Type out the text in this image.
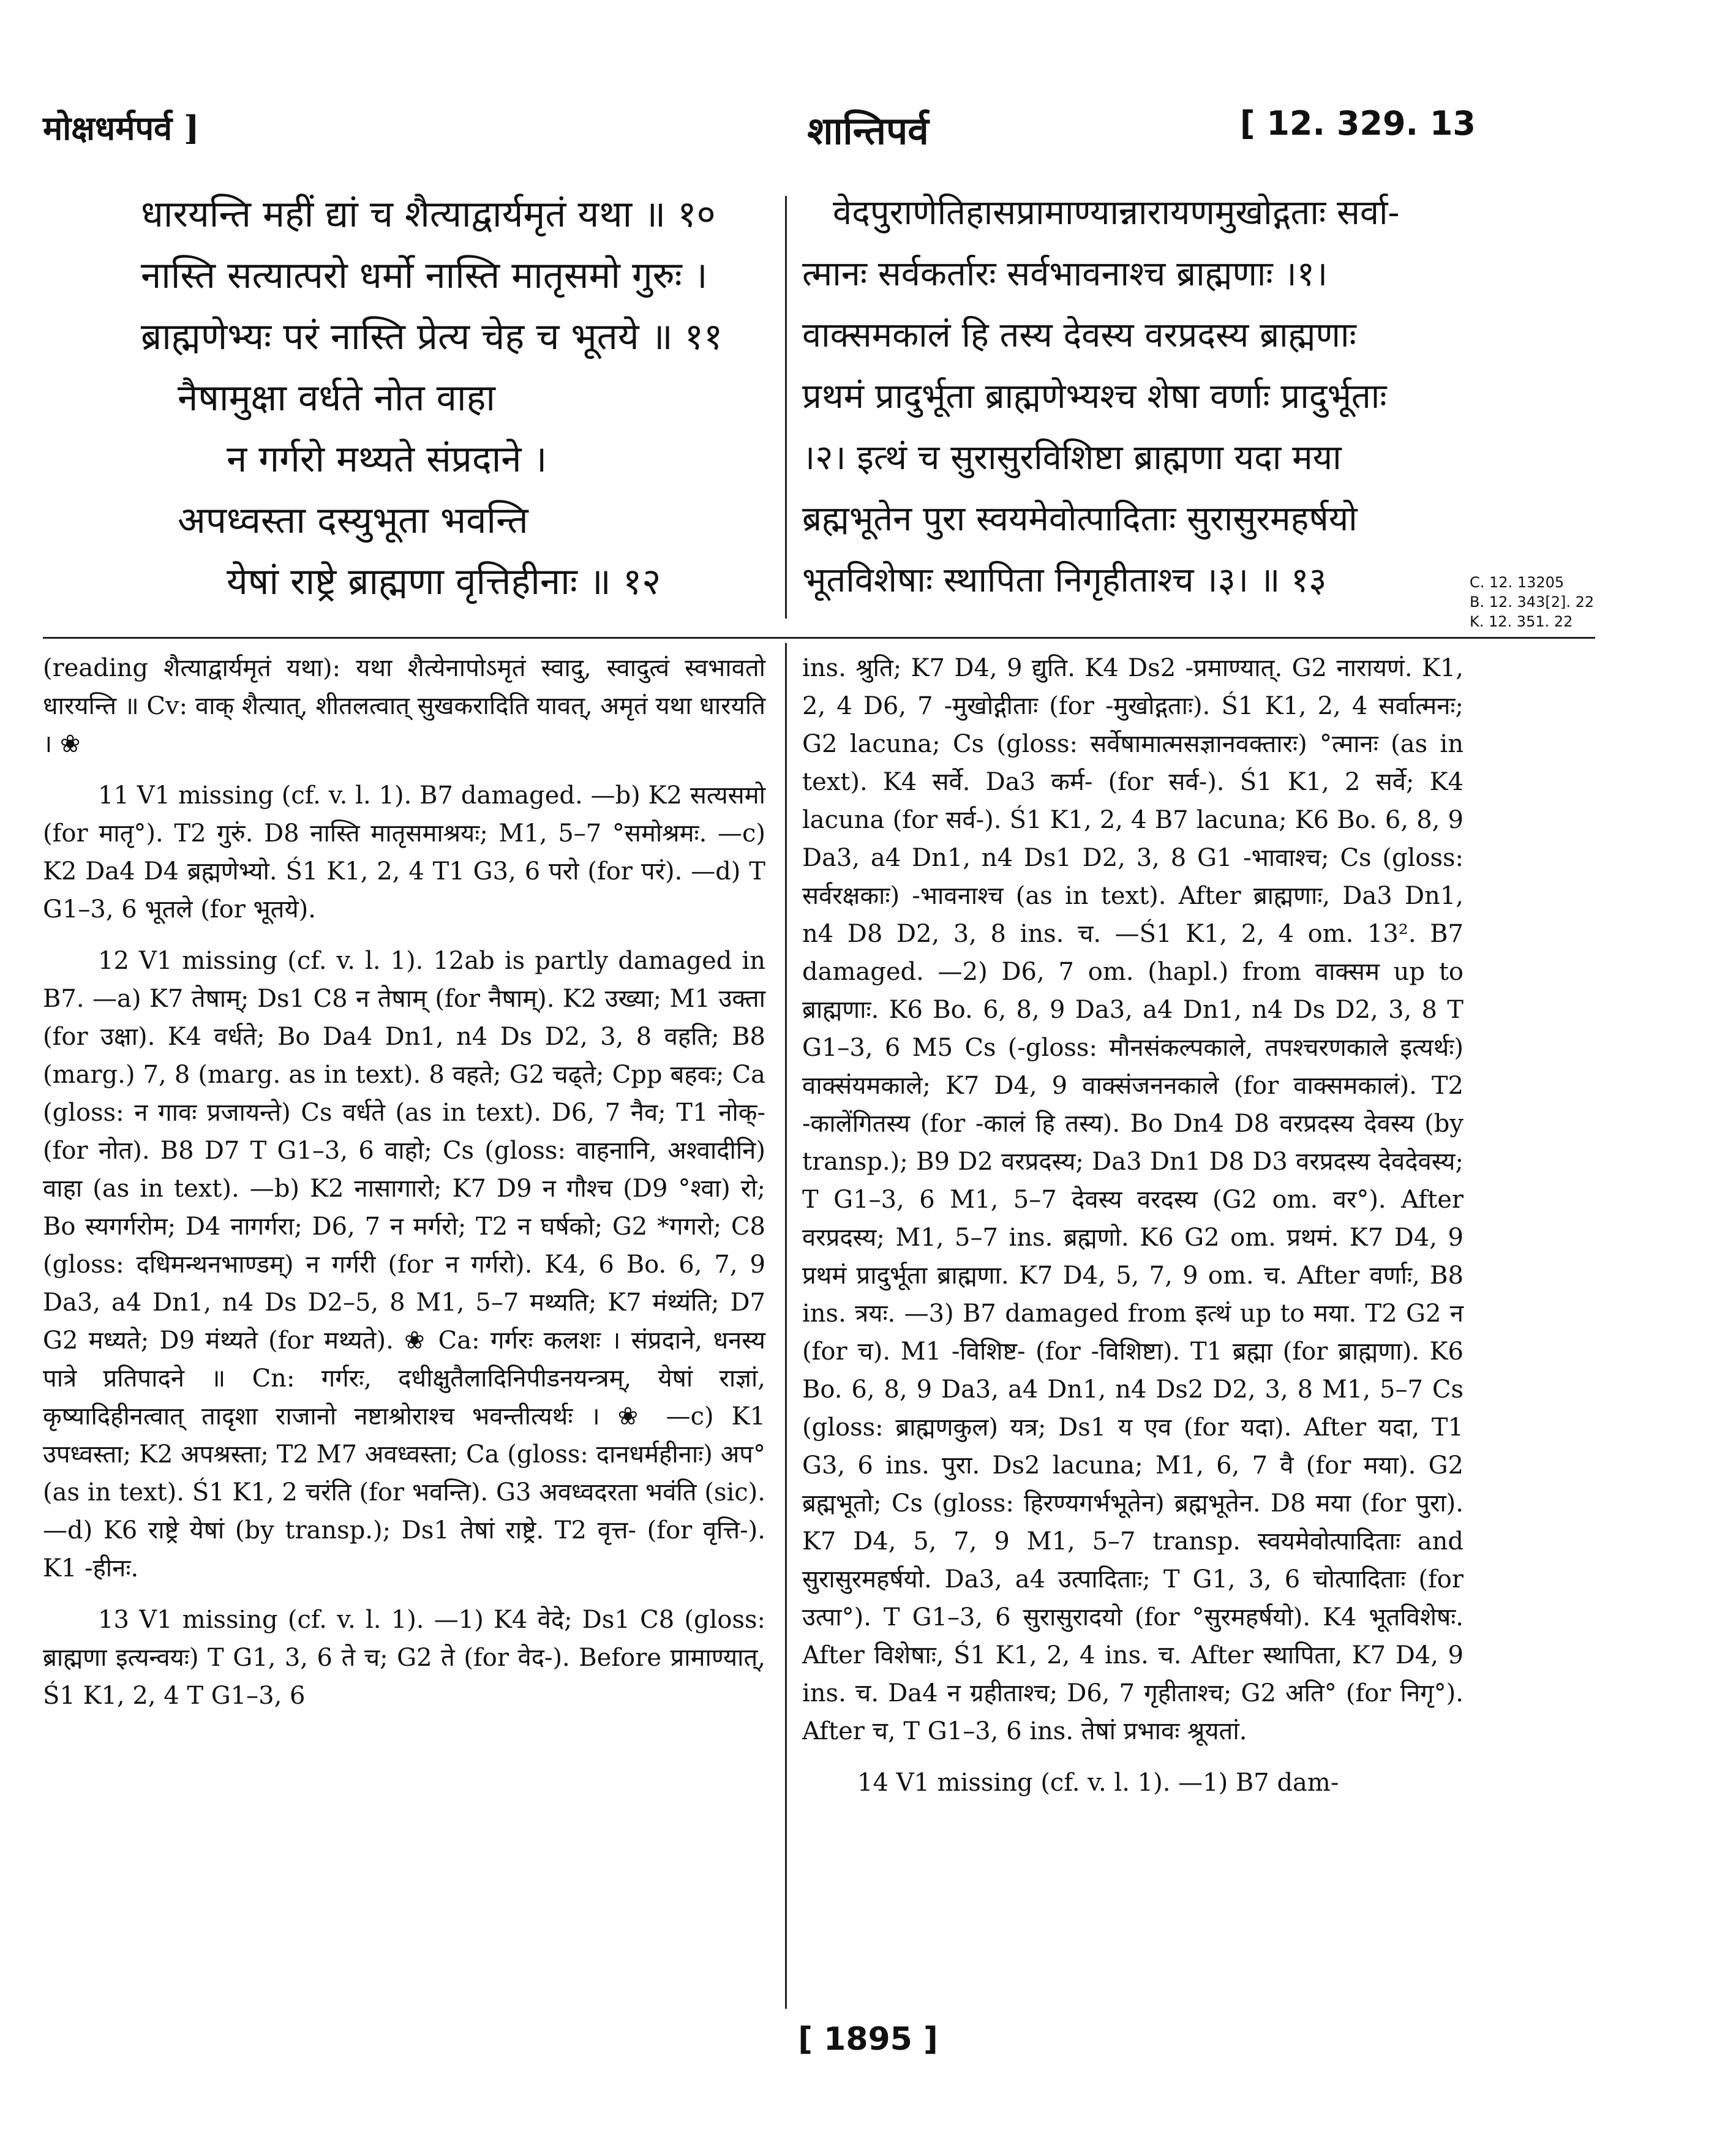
मोक्षधर्मपर्व ]	शान्तिपर्व	[ 12. 329. 13
धारयन्ति महीं द्यां च शैत्याद्वार्यमृतं यथा ॥ १०
नास्ति सत्यात्परो धर्मो नास्ति मातृसमो गुरुः ।
ब्राह्मणेभ्यः परं नास्ति प्रेत्य चेह च भूतये ॥ ११
नैषामुक्षा वर्धते नोत वाहा
न गर्गरो मथ्यते संप्रदाने ।
अपध्वस्ता दस्युभूता भवन्ति
येषां राष्ट्रे ब्राह्मणा वृत्तिहीनाः ॥ १२
वेदपुराणेतिहासप्रामाण्यान्नारायणमुखोद्गताः सर्वा-
त्मानः सर्वकर्तारः सर्वभावनाश्च ब्राह्मणाः ।१।
वाक्समकालं हि तस्य देवस्य वरप्रदस्य ब्राह्मणाः
प्रथमं प्रादुर्भूता ब्राह्मणेभ्यश्च शेषा वर्णाः प्रादुर्भूताः
।२। इत्थं च सुरासुरविशिष्टा ब्राह्मणा यदा मया
ब्रह्मभूतेन पुरा स्वयमेवोत्पादिताः सुरासुरमहर्षयो
भूतविशेषाः स्थापिता निगृहीताश्च ।३। ॥ १३	C. 12. 13205
B. 12. 343[2]. 22
K. 12. 351. 22

(reading शैत्याद्वार्यमृतं यथा): यथा शैत्येनापोऽमृतं स्वादु, स्वादुत्वं स्वभावतो धारयन्ति ॥ Cv: वाक् शैत्यात्, शीतलत्वात् सुखकरादिति यावत्, अमृतं यथा धारयति । ❀

11 V1 missing (cf. v. l. 1). B7 damaged. —b) K2 सत्यसमो (for मातृ°). T2 गुरुं. D8 नास्ति मातृसमाश्रयः; M1, 5–7 °समोश्रमः. —c) K2 Da4 D4 ब्रह्मणेभ्यो. Ś1 K1, 2, 4 T1 G3, 6 परो (for परं). —d) T G1–3, 6 भूतले (for भूतये).

12 V1 missing (cf. v. l. 1). 12ab is partly damaged in B7. —a) K7 तेषाम्; Ds1 C8 न तेषाम् (for नैषाम्). K2 उख्या; M1 उक्ता (for उक्षा). K4 वर्धते; Bo Da4 Dn1, n4 Ds D2, 3, 8 वहति; B8 (marg.) 7, 8 (marg. as in text). 8 वहते; G2 चढ्ते; Cpp बहवः; Ca (gloss: न गावः प्रजायन्ते) Cs वर्धते (as in text). D6, 7 नैव; T1 नोक्- (for नोत). B8 D7 T G1–3, 6 वाहो; Cs (gloss: वाहनानि, अश्वादीनि) वाहा (as in text). —b) K2 नासागारो; K7 D9 न गौश्च (D9 °श्वा) रो; Bo स्यगर्गरोम; D4 नागर्गरा; D6, 7 न मर्गरो; T2 न घर्षको; G2 *गगरो; C8 (gloss: दधिमन्थनभाण्डम्) न गर्गरी (for न गर्गरो). K4, 6 Bo. 6, 7, 9 Da3, a4 Dn1, n4 Ds D2–5, 8 M1, 5–7 मथ्यति; K7 मंथ्यंति; D7 G2 मध्यते; D9 मंथ्यते (for मथ्यते). ❀ Ca: गर्गरः कलशः । संप्रदाने, धनस्य पात्रे प्रतिपादने ॥ Cn: गर्गरः, दधीक्षुतैलादिनिपीडनयन्त्रम्, येषां राज्ञां, कृष्यादिहीनत्वात् तादृशा राजानो नष्टाश्रोराश्च भवन्तीत्यर्थः । ❀ —c) K1 उपध्वस्ता; K2 अपश्रस्ता; T2 M7 अवध्वस्ता; Ca (gloss: दानधर्महीनाः) अप° (as in text). Ś1 K1, 2 चरंति (for भवन्ति). G3 अवध्वदरता भवंति (sic). —d) K6 राष्ट्रे येषां (by transp.); Ds1 तेषां राष्ट्रे. T2 वृत्त- (for वृत्ति-). K1 -हीनः.

13 V1 missing (cf. v. l. 1). —1) K4 वेदे; Ds1 C8 (gloss: ब्राह्मणा इत्यन्वयः) T G1, 3, 6 ते च; G2 ते (for वेद-). Before प्रामाण्यात्, Ś1 K1, 2, 4 T G1–3, 6

ins. श्रुति; K7 D4, 9 द्युति. K4 Ds2 -प्रमाण्यात्. G2 नारायणं. K1, 2, 4 D6, 7 -मुखोद्गीताः (for -मुखोद्गताः). Ś1 K1, 2, 4 सर्वात्मनः; G2 lacuna; Cs (gloss: सर्वेषामात्मसज्ञानवक्तारः) °त्मानः (as in text). K4 सर्वे. Da3 कर्म- (for सर्व-). Ś1 K1, 2 सर्वे; K4 lacuna (for सर्व-). Ś1 K1, 2, 4 B7 lacuna; K6 Bo. 6, 8, 9 Da3, a4 Dn1, n4 Ds1 D2, 3, 8 G1 -भावाश्च; Cs (gloss: सर्वरक्षकाः) -भावनाश्च (as in text). After ब्राह्मणाः, Da3 Dn1, n4 D8 D2, 3, 8 ins. च. —Ś1 K1, 2, 4 om. 13². B7 damaged. —2) D6, 7 om. (hapl.) from वाक्सम up to ब्राह्मणाः. K6 Bo. 6, 8, 9 Da3, a4 Dn1, n4 Ds D2, 3, 8 T G1–3, 6 M5 Cs (-gloss: मौनसंकल्पकाले, तपश्चरणकाले इत्यर्थः) वाक्संयमकाले; K7 D4, 9 वाक्संजननकाले (for वाक्समकालं). T2 -कालेंगितस्य (for -कालं हि तस्य). Bo Dn4 D8 वरप्रदस्य देवस्य (by transp.); B9 D2 वरप्रदस्य; Da3 Dn1 D8 D3 वरप्रदस्य देवदेवस्य; T G1–3, 6 M1, 5–7 देवस्य वरदस्य (G2 om. वर°). After वरप्रदस्य; M1, 5–7 ins. ब्रह्मणो. K6 G2 om. प्रथमं. K7 D4, 9 प्रथमं प्रादुर्भूता ब्राह्मणा. K7 D4, 5, 7, 9 om. च. After वर्णाः, B8 ins. त्रयः. —3) B7 damaged from इत्थं up to मया. T2 G2 न (for च). M1 -विशिष्ट- (for -विशिष्टा). T1 ब्रह्मा (for ब्राह्मणा). K6 Bo. 6, 8, 9 Da3, a4 Dn1, n4 Ds2 D2, 3, 8 M1, 5–7 Cs (gloss: ब्राह्मणकुल) यत्र; Ds1 य एव (for यदा). After यदा, T1 G3, 6 ins. पुरा. Ds2 lacuna; M1, 6, 7 वै (for मया). G2 ब्रह्मभूतो; Cs (gloss: हिरण्यगर्भभूतेन) ब्रह्मभूतेन. D8 मया (for पुरा). K7 D4, 5, 7, 9 M1, 5–7 transp. स्वयमेवोत्पादिताः and सुरासुरमहर्षयो. Da3, a4 उत्पादिताः; T G1, 3, 6 चोत्पादिताः (for उत्पा°). T G1–3, 6 सुरासुरादयो (for °सुरमहर्षयो). K4 भूतविशेषः. After विशेषाः, Ś1 K1, 2, 4 ins. च. After स्थापिता, K7 D4, 9 ins. च. Da4 न ग्रहीताश्च; D6, 7 गृहीताश्च; G2 अति° (for निगृ°). After च, T G1–3, 6 ins. तेषां प्रभावः श्रूयतां.

14 V1 missing (cf. v. l. 1). —1) B7 dam-

[ 1895 ]
